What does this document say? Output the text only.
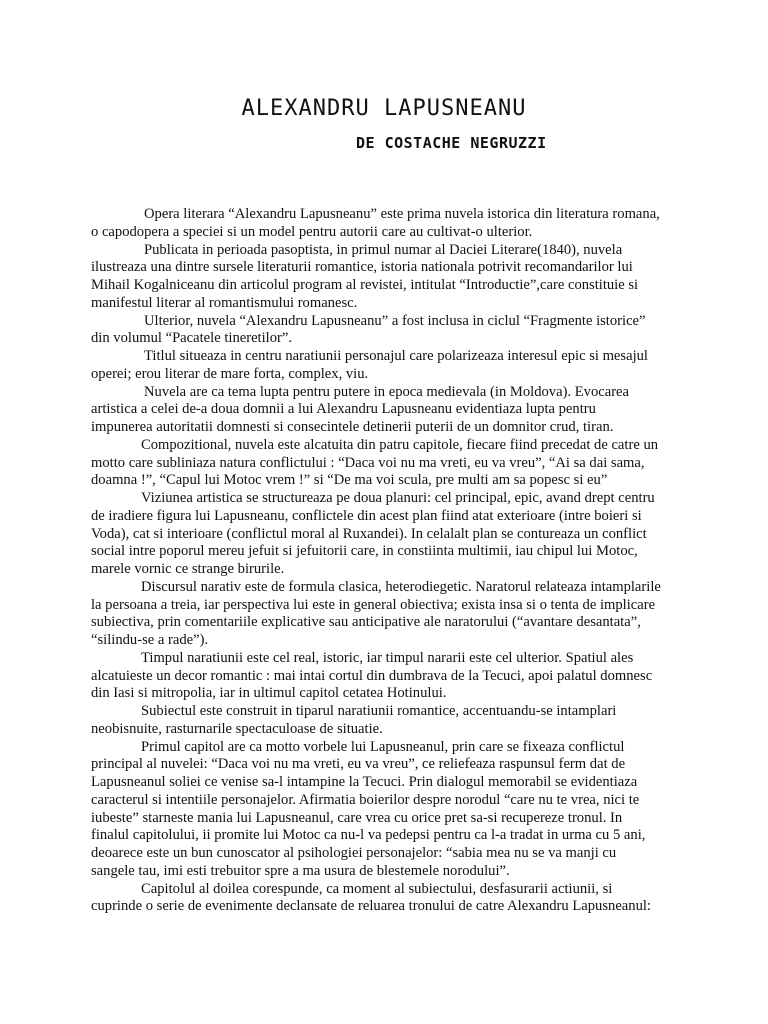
ALEXANDRU LAPUSNEANU
DE COSTACHE NEGRUZZI
Opera literara “Alexandru Lapusneanu” este prima nuvela istorica din literatura romana,
o capodopera a speciei si un model pentru autorii care au cultivat-o ulterior.
Publicata in perioada pasoptista, in primul numar al Daciei Literare(1840), nuvela
ilustreaza una dintre sursele literaturii romantice, istoria nationala potrivit recomandarilor lui
Mihail Kogalniceanu din articolul program al revistei, intitulat “Introductie”,care constituie si
manifestul literar al romantismului romanesc.
Ulterior, nuvela “Alexandru Lapusneanu” a fost inclusa in ciclul “Fragmente istorice”
din volumul “Pacatele tineretilor”.
Titlul situeaza in centru naratiunii personajul care polarizeaza interesul epic si mesajul
operei; erou literar de mare forta, complex, viu.
Nuvela are ca tema lupta pentru putere in epoca medievala (in Moldova). Evocarea
artistica a celei de-a doua domnii a lui Alexandru Lapusneanu evidentiaza lupta pentru
impunerea autoritatii domnesti si consecintele detinerii puterii de un domnitor crud, tiran.
Compozitional, nuvela este alcatuita din patru capitole, fiecare fiind precedat de catre un
motto care subliniaza natura conflictului : “Daca voi nu ma vreti, eu va vreu”, “Ai sa dai sama,
doamna !”, “Capul lui Motoc vrem !” si “De ma voi scula, pre multi am sa popesc si eu”
Viziunea artistica se structureaza pe doua planuri: cel principal, epic, avand drept centru
de iradiere figura lui Lapusneanu, conflictele din acest plan fiind atat exterioare (intre boieri si
Voda), cat si interioare (conflictul moral al Ruxandei). In celalalt plan se contureaza un conflict
social intre poporul mereu jefuit si jefuitorii care, in constiinta multimii, iau chipul lui Motoc,
marele vornic ce strange birurile.
Discursul narativ este de formula clasica, heterodiegetic. Naratorul relateaza intamplarile
la persoana a treia, iar perspectiva lui este in general obiectiva; exista insa si o tenta de implicare
subiectiva, prin comentariile explicative sau anticipative ale naratorului (“avantare desantata”,
“silindu-se a rade”).
Timpul naratiunii este cel real, istoric, iar timpul nararii este cel ulterior. Spatiul ales
alcatuieste un decor romantic : mai intai cortul din dumbrava de la Tecuci, apoi palatul domnesc
din Iasi si mitropolia, iar in ultimul capitol cetatea Hotinului.
Subiectul este construit in tiparul naratiunii romantice, accentuandu-se intamplari
neobisnuite, rasturnarile spectaculoase de situatie.
Primul capitol are ca motto vorbele lui Lapusneanul, prin care se fixeaza conflictul
principal al nuvelei: “Daca voi nu ma vreti, eu va vreu”, ce reliefeaza raspunsul ferm dat de
Lapusneanul soliei ce venise sa-l intampine la Tecuci. Prin dialogul memorabil se evidentiaza
caracterul si intentiile personajelor. Afirmatia boierilor despre norodul “care nu te vrea, nici te
iubeste” starneste mania lui Lapusneanul, care vrea cu orice pret sa-si recupereze tronul. In
finalul capitolului, ii promite lui Motoc ca nu-l va pedepsi pentru ca l-a tradat in urma cu 5 ani,
deoarece este un bun cunoscator al psihologiei personajelor: “sabia mea nu se va manji cu
sangele tau, imi esti trebuitor spre a ma usura de blestemele norodului”.
Capitolul al doilea corespunde, ca moment al subiectului, desfasurarii actiunii, si
cuprinde o serie de evenimente declansate de reluarea tronului de catre Alexandru Lapusneanul:
